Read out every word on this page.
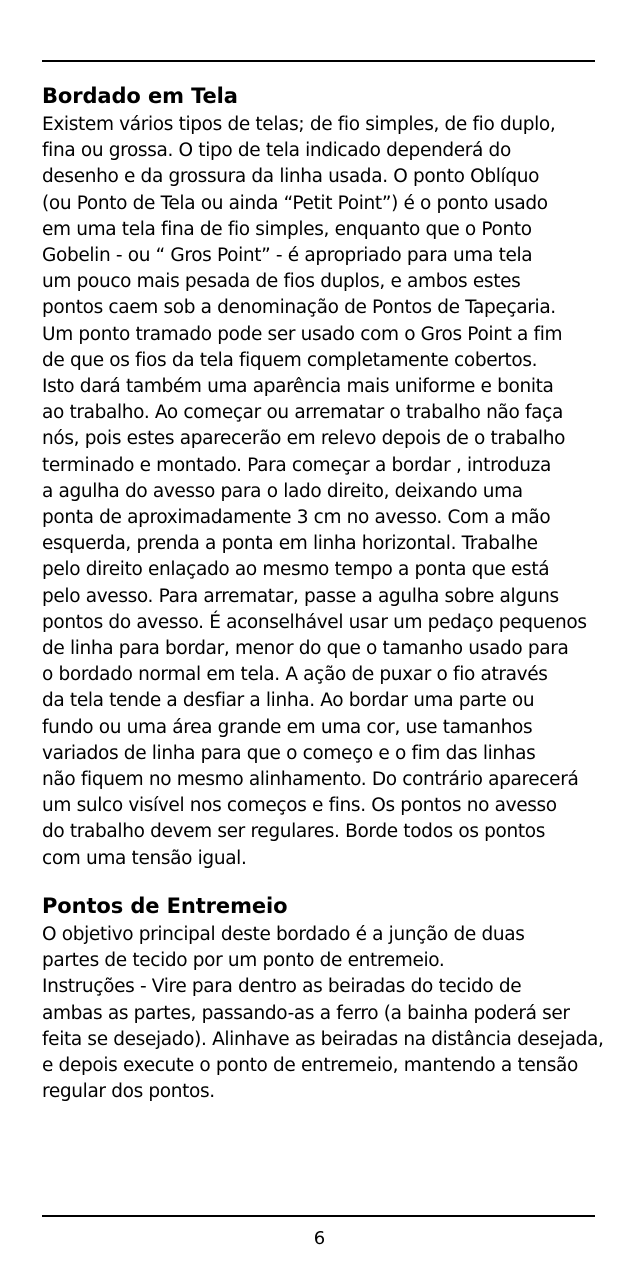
Bordado em Tela

Existem vários tipos de telas; de fio simples, de fio duplo,
fina ou grossa. O tipo de tela indicado dependerá do
desenho e da grossura da linha usada. O ponto Oblíquo
(ou Ponto de Tela ou ainda “Petit Point”) é o ponto usado
em uma tela fina de fio simples, enquanto que o Ponto
Gobelin - ou “ Gros Point” - é apropriado para uma tela
um pouco mais pesada de fios duplos, e ambos estes
pontos caem sob a denominação de Pontos de Tapeçaria.
Um ponto tramado pode ser usado com o Gros Point a fim
de que os fios da tela fiquem completamente cobertos.
Isto dará também uma aparência mais uniforme e bonita
ao trabalho. Ao começar ou arrematar o trabalho não faça
nós, pois estes aparecerão em relevo depois de o trabalho
terminado e montado. Para começar a bordar , introduza
a agulha do avesso para o lado direito, deixando uma
ponta de aproximadamente 3 cm no avesso. Com a mão
esquerda, prenda a ponta em linha horizontal. Trabalhe
pelo direito enlaçado ao mesmo tempo a ponta que está
pelo avesso. Para arrematar, passe a agulha sobre alguns
pontos do avesso. É aconselhável usar um pedaço pequenos
de linha para bordar, menor do que o tamanho usado para
o bordado normal em tela. A ação de puxar o fio através
da tela tende a desfiar a linha. Ao bordar uma parte ou
fundo ou uma área grande em uma cor, use tamanhos
variados de linha para que o começo e o fim das linhas
não fiquem no mesmo alinhamento. Do contrário aparecerá
um sulco visível nos começos e fins. Os pontos no avesso
do trabalho devem ser regulares. Borde todos os pontos
com uma tensão igual.

Pontos de Entremeio

O objetivo principal deste bordado é a junção de duas
partes de tecido por um ponto de entremeio.
Instruções - Vire para dentro as beiradas do tecido de
ambas as partes, passando-as a ferro (a bainha poderá ser
feita se desejado). Alinhave as beiradas na distância desejada,
e depois execute o ponto de entremeio, mantendo a tensão
regular dos pontos.

6
